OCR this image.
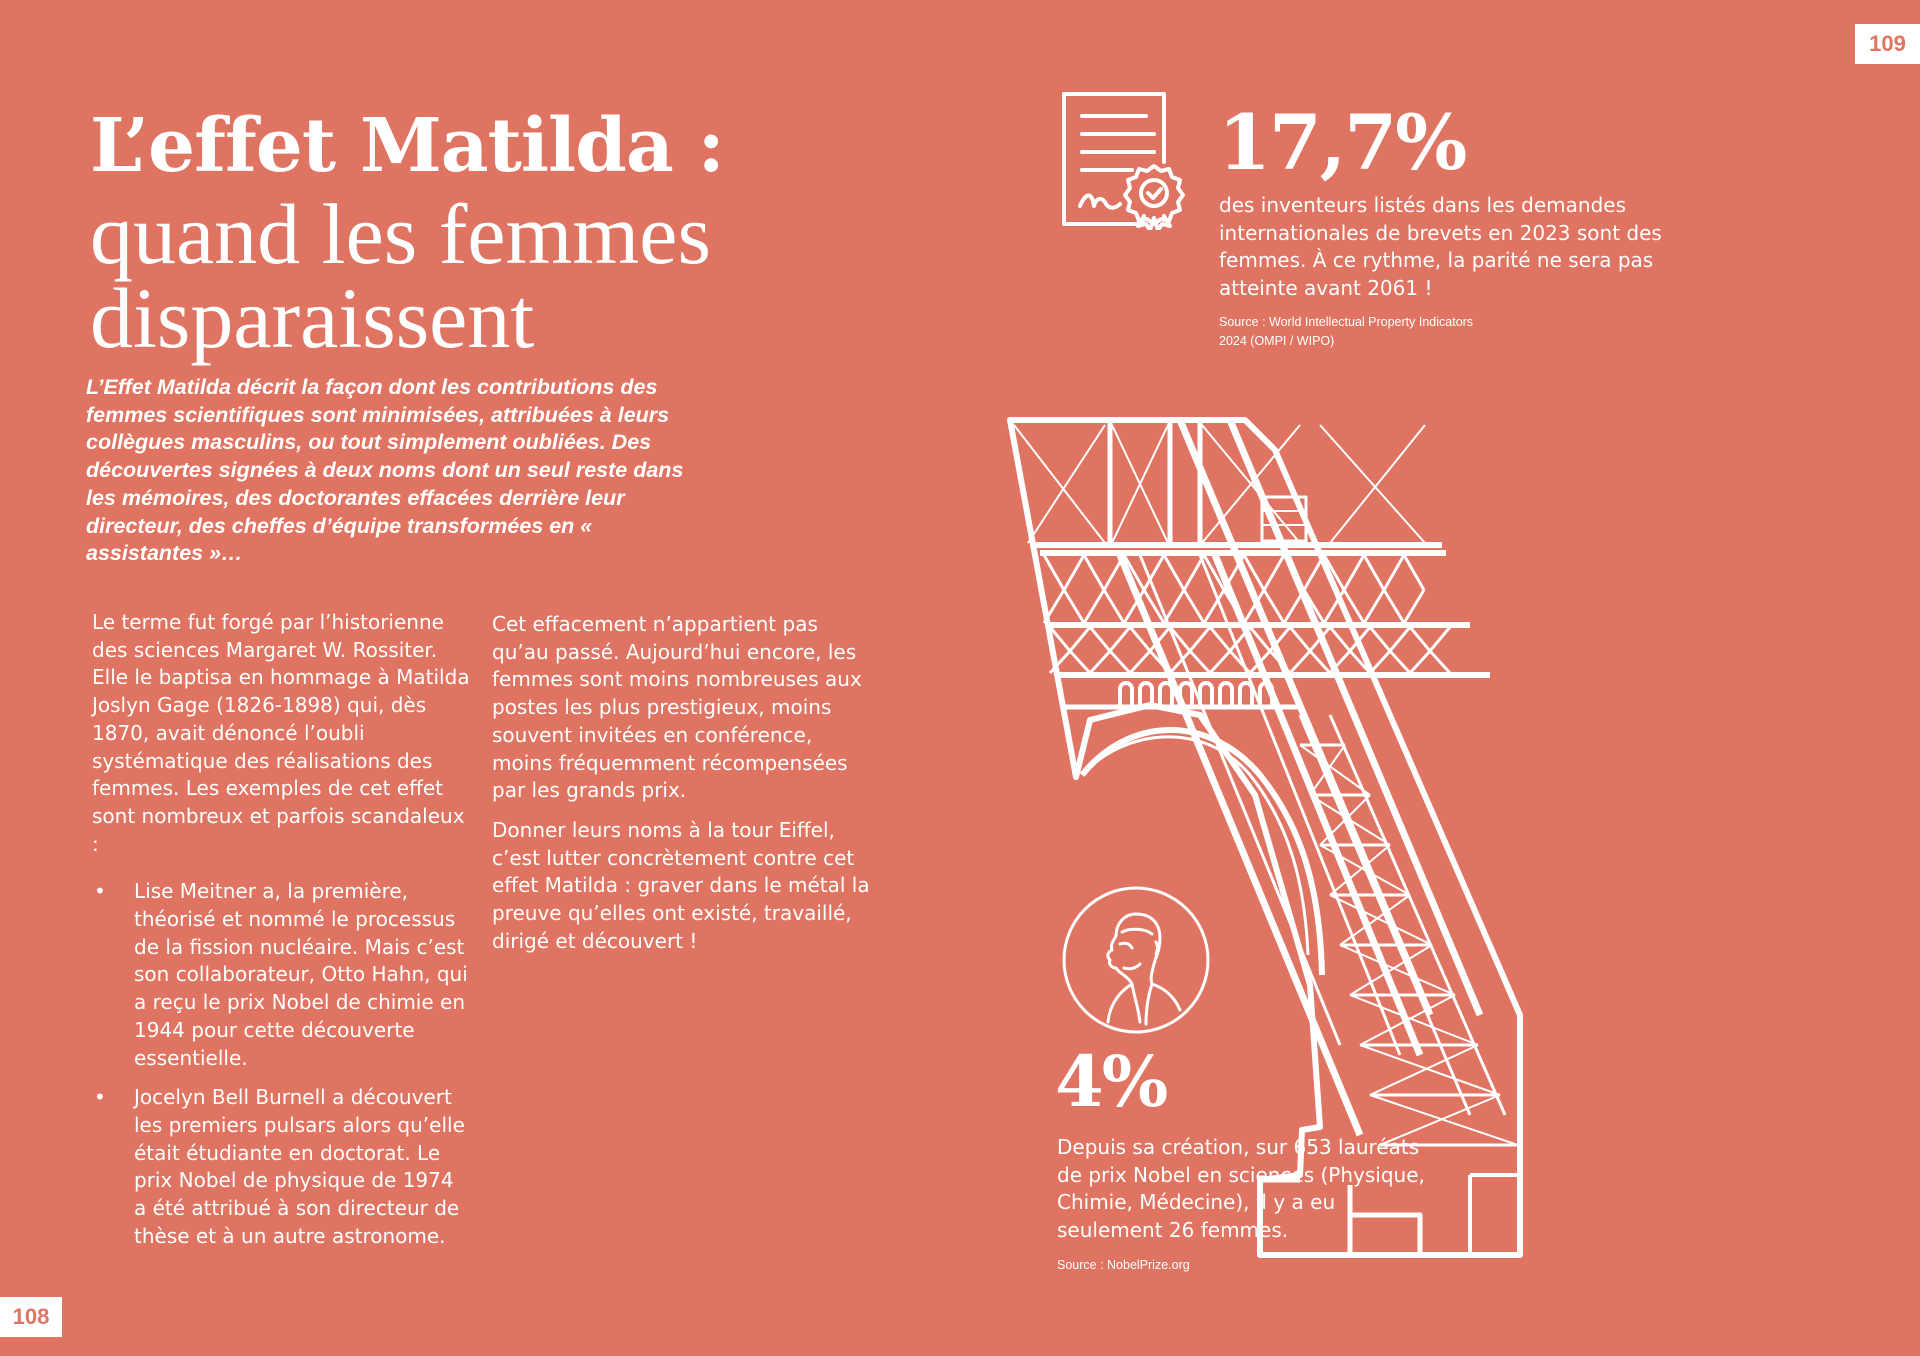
108
109
L’effet Matilda :
quand les femmes disparaissent

L’Effet Matilda décrit la façon dont les contributions des femmes scientifiques sont minimisées, attribuées à leurs collègues masculins, ou tout simplement oubliées. Des découvertes signées à deux noms dont un seul reste dans les mémoires, des doctorantes effacées derrière leur directeur, des cheffes d’équipe transformées en « assistantes »…

Le terme fut forgé par l’historienne des sciences Margaret W. Rossiter. Elle le baptisa en hommage à Matilda Joslyn Gage (1826-1898) qui, dès 1870, avait dénoncé l’oubli systématique des réalisations des femmes. Les exemples de cet effet sont nombreux et parfois scandaleux :

• Lise Meitner a, la première, théorisé et nommé le processus de la fission nucléaire. Mais c’est son collaborateur, Otto Hahn, qui a reçu le prix Nobel de chimie en 1944 pour cette découverte essentielle.
• Jocelyn Bell Burnell a découvert les premiers pulsars alors qu’elle était étudiante en doctorat. Le prix Nobel de physique de 1974 a été attribué à son directeur de thèse et à un autre astronome.

Cet effacement n’appartient pas qu’au passé. Aujourd’hui encore, les femmes sont moins nombreuses aux postes les plus prestigieux, moins souvent invitées en conférence, moins fréquemment récompensées par les grands prix.

Donner leurs noms à la tour Eiffel, c’est lutter concrètement contre cet effet Matilda : graver dans le métal la preuve qu’elles ont existé, travaillé, dirigé et découvert !

17,7%

des inventeurs listés dans les demandes internationales de brevets en 2023 sont des femmes. À ce rythme, la parité ne sera pas atteinte avant 2061 !

Source : World Intellectual Property Indicators 2024 (OMPI / WIPO)

4%

Depuis sa création, sur 653 lauréats de prix Nobel en sciences (Physique, Chimie, Médecine), il y a eu seulement 26 femmes.

Source : NobelPrize.org
